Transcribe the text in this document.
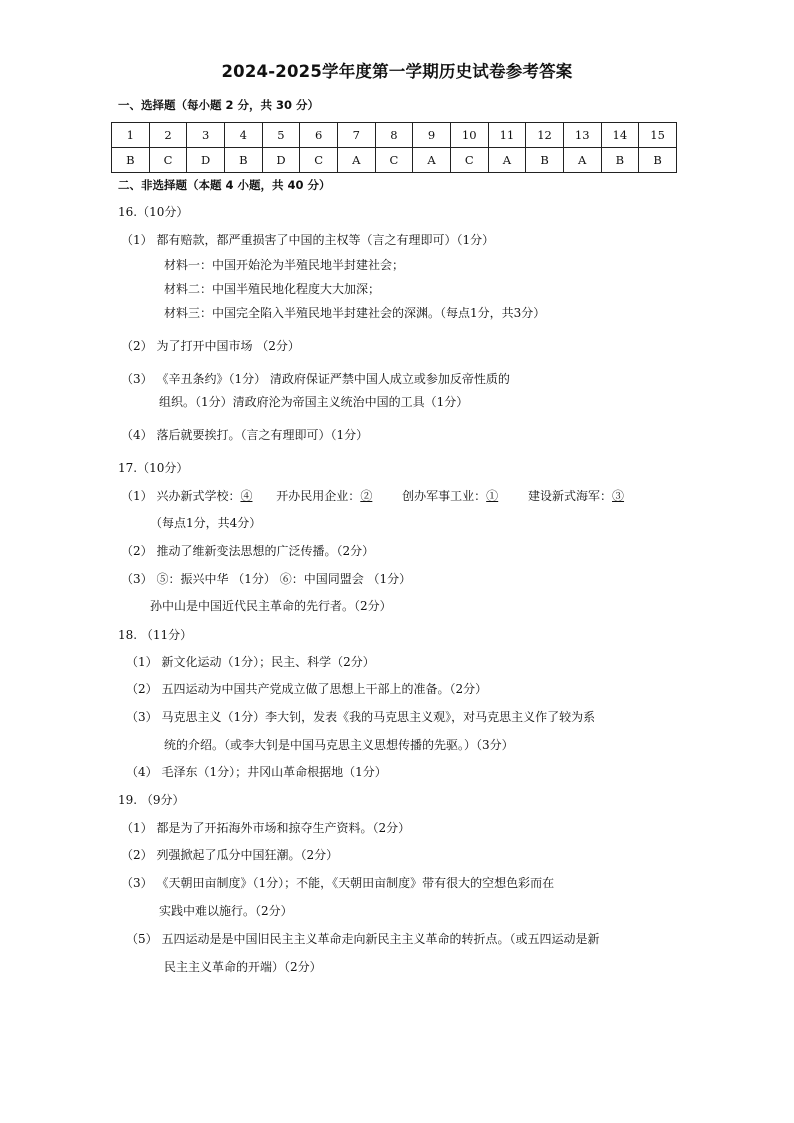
2024-2025学年度第一学期历史试卷参考答案
一、选择题（每小题 2 分，共 30 分）
1	2	3	4	5	6	7	8	9	10	11	12	13	14	15
B	C	D	B	D	C	A	C	A	C	A	B	A	B	B
二、非选择题（本题 4 小题，共 40 分）
16.（10分）
（1） 都有赔款，都严重损害了中国的主权等（言之有理即可）（1分）
材料一：中国开始沦为半殖民地半封建社会；
材料二：中国半殖民地化程度大大加深；
材料三：中国完全陷入半殖民地半封建社会的深渊。（每点1分，共3分）
（2） 为了打开中国市场 （2分）
（3） 《辛丑条约》（1分） 清政府保证严禁中国人成立或参加反帝性质的
组织。（1分）清政府沦为帝国主义统治中国的工具（1分）
（4） 落后就要挨打。（言之有理即可）（1分）
17.（10分）
（1） 兴办新式学校：④ 开办民用企业：② 创办军事工业：① 建设新式海军：③
（每点1分，共4分）
（2） 推动了维新变法思想的广泛传播。（2分）
（3） ⑤：振兴中华 （1分） ⑥：中国同盟会 （1分）
孙中山是中国近代民主革命的先行者。（2分）
18. （11分）
（1） 新文化运动（1分）；民主、科学（2分）
（2） 五四运动为中国共产党成立做了思想上干部上的准备。（2分）
（3） 马克思主义（1分）李大钊，发表《我的马克思主义观》，对马克思主义作了较为系
统的介绍。（或李大钊是中国马克思主义思想传播的先驱。）（3分）
（4） 毛泽东（1分）；井冈山革命根据地（1分）
19. （9分）
（1） 都是为了开拓海外市场和掠夺生产资料。（2分）
（2） 列强掀起了瓜分中国狂潮。（2分）
（3） 《天朝田亩制度》（1分）；不能，《天朝田亩制度》带有很大的空想色彩而在
实践中难以施行。（2分）
（5） 五四运动是是中国旧民主主义革命走向新民主主义革命的转折点。（或五四运动是新
民主主义革命的开端）（2分）
